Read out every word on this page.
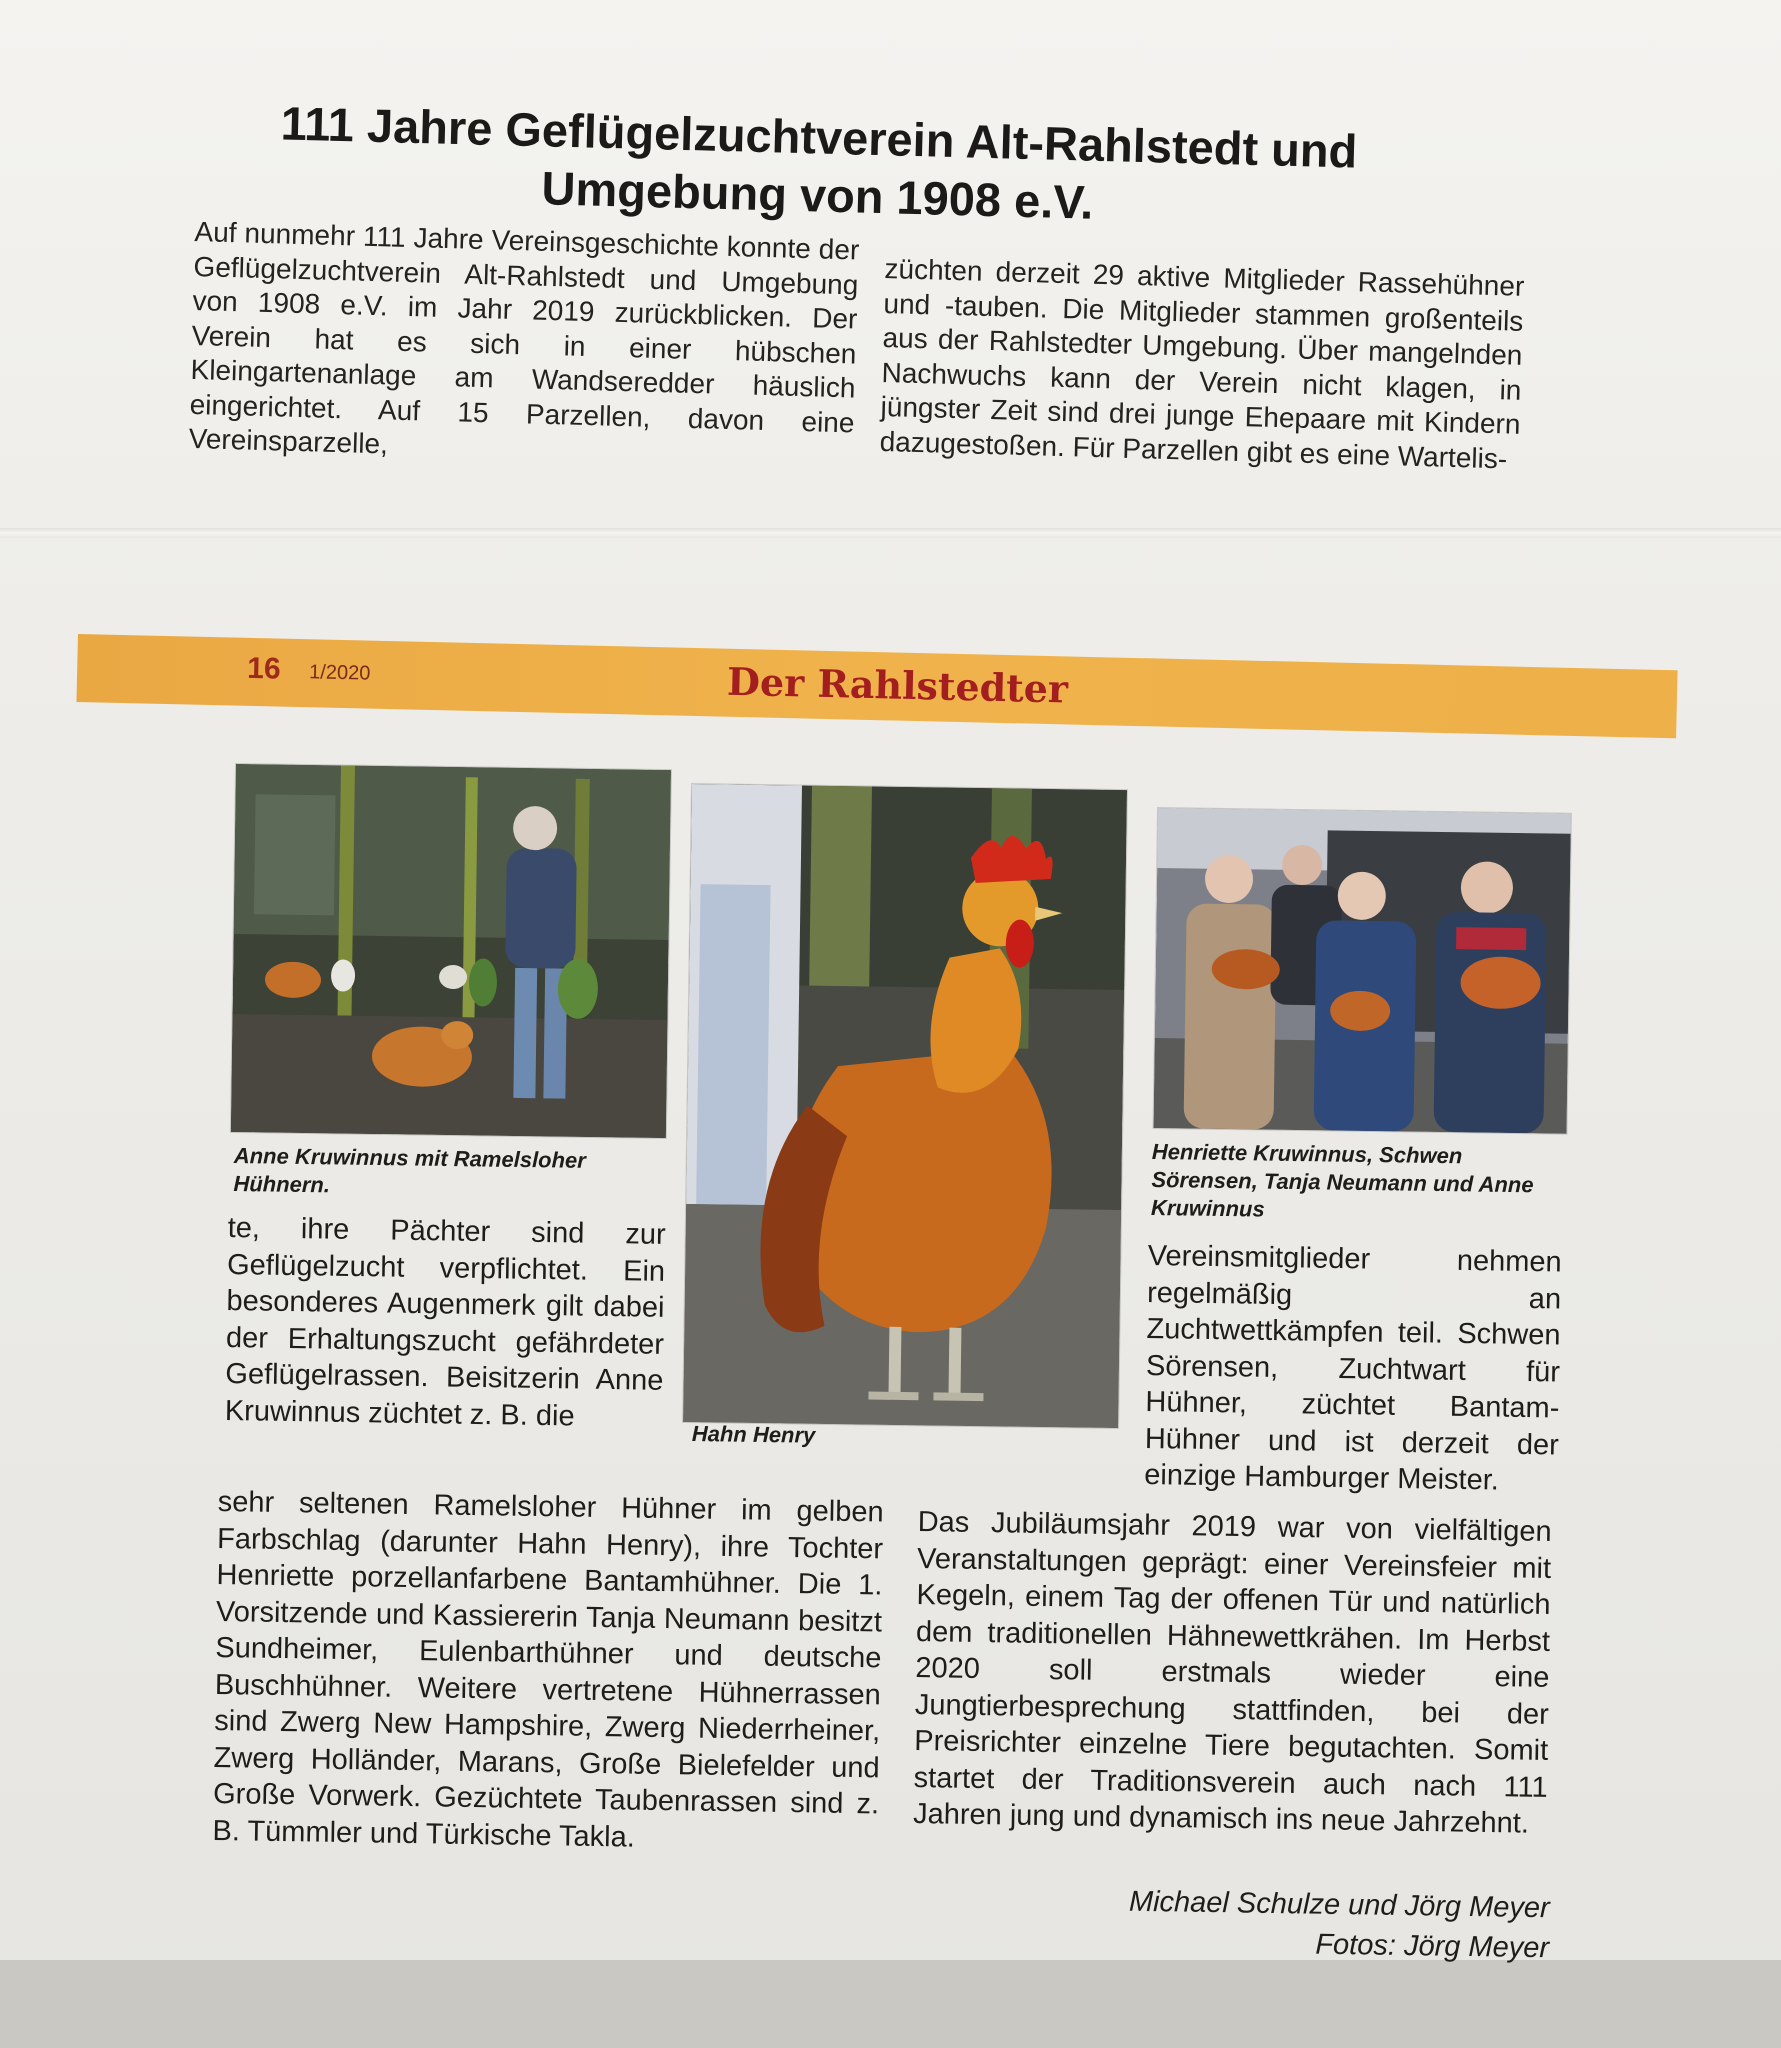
111 Jahre Geflügelzuchtverein Alt-Rahlstedt und Umgebung von 1908 e.V.
Auf nunmehr 111 Jahre Vereinsgeschichte konnte der Geflügelzuchtverein Alt-Rahlstedt und Umgebung von 1908 e.V. im Jahr 2019 zurückblicken. Der Verein hat es sich in einer hübschen Kleingartenanlage am Wandseredder häuslich eingerichtet. Auf 15 Parzellen, davon eine Vereinsparzelle,
züchten derzeit 29 aktive Mitglieder Rassehühner und -tauben. Die Mitglieder stammen großenteils aus der Rahlstedter Umgebung. Über mangelnden Nachwuchs kann der Verein nicht klagen, in jüngster Zeit sind drei junge Ehepaare mit Kindern dazugestoßen. Für Parzellen gibt es eine Wartelis-
16 1/2020	Der Rahlstedter
Anne Kruwinnus mit Ramelsloher Hühnern.
Hahn Henry
Henriette Kruwinnus, Schwen Sörensen, Tanja Neumann und Anne Kruwinnus
te, ihre Pächter sind zur Geflügelzucht verpflichtet. Ein besonderes Augenmerk gilt dabei der Erhaltungszucht gefährdeter Geflügelrassen. Beisitzerin Anne Kruwinnus züchtet z. B. die
sehr seltenen Ramelsloher Hühner im gelben Farbschlag (darunter Hahn Henry), ihre Tochter Henriette porzellanfarbene Bantamhühner. Die 1. Vorsitzende und Kassiererin Tanja Neumann besitzt Sundheimer, Eulenbarthühner und deutsche Buschhühner. Weitere vertretene Hühnerrassen sind Zwerg New Hampshire, Zwerg Niederrheiner, Zwerg Holländer, Marans, Große Bielefelder und Große Vorwerk. Gezüchtete Taubenrassen sind z. B. Tümmler und Türkische Takla.
Vereinsmitglieder nehmen regelmäßig an Zuchtwettkämpfen teil. Schwen Sörensen, Zuchtwart für Hühner, züchtet Bantam-Hühner und ist derzeit der einzige Hamburger Meister.
Das Jubiläumsjahr 2019 war von vielfältigen Veranstaltungen geprägt: einer Vereinsfeier mit Kegeln, einem Tag der offenen Tür und natürlich dem traditionellen Hähnewettkrähen. Im Herbst 2020 soll erstmals wieder eine Jungtierbesprechung stattfinden, bei der Preisrichter einzelne Tiere begutachten. Somit startet der Traditionsverein auch nach 111 Jahren jung und dynamisch ins neue Jahrzehnt.
Michael Schulze und Jörg Meyer
Fotos: Jörg Meyer
